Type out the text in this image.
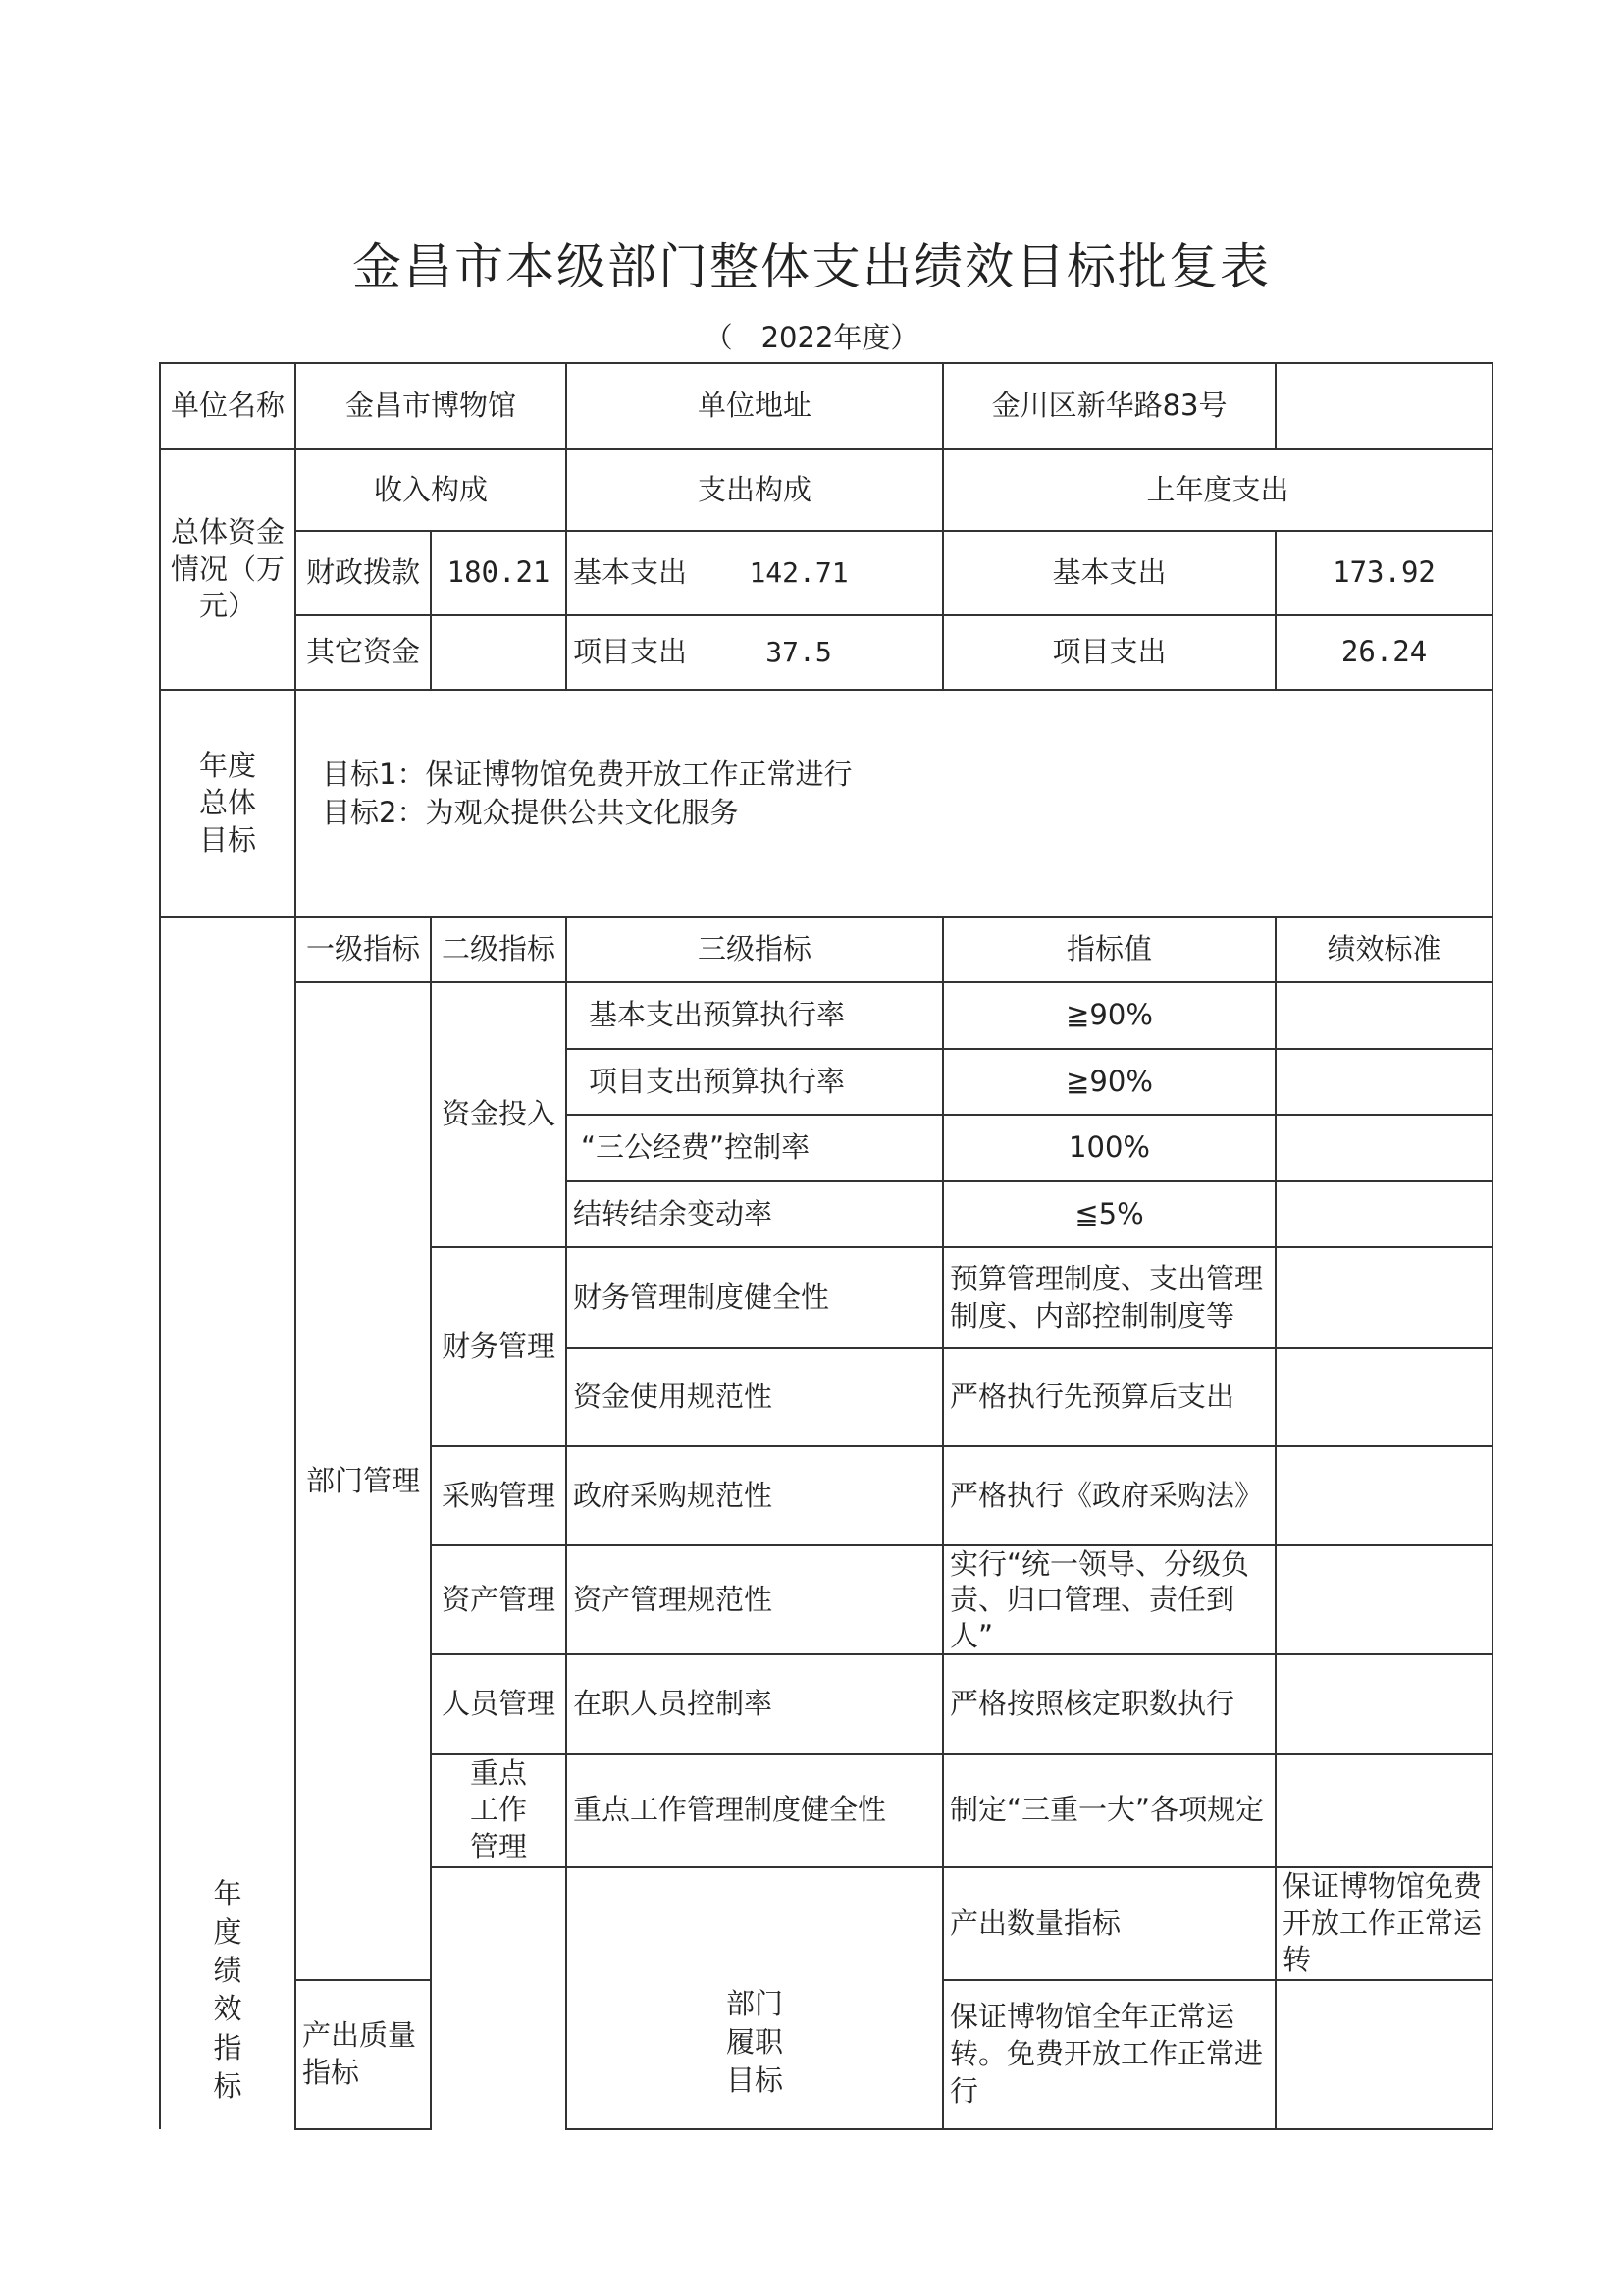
金昌市本级部门整体支出绩效目标批复表
（　2022年度）
单位名称	金昌市博物馆		单位地址	金川区新华路83号		
总体资金情况（万元）	收入构成		支出构成	上年度支出		
	财政拨款	180.21	基本支出 142.71	基本支出	173.92	
	其它资金		项目支出 37.5	项目支出	26.24	

年度总体目标	目标1：保证博物馆免费开放工作正常进行
目标2：为观众提供公共文化服务					

年度绩效指标	一级指标	二级指标	三级指标	指标值	绩效标准	
	部门管理	资金投入	基本支出预算执行率	≧90%		
			项目支出预算执行率	≧90%		
			“三公经费”控制率	100%		
			结转结余变动率	≦5%		
		财务管理	财务管理制度健全性	预算管理制度、支出管理制度、内部控制制度等		
			资金使用规范性	严格执行先预算后支出		
		采购管理	政府采购规范性	严格执行《政府采购法》		
		资产管理	资产管理规范性	实行“统一领导、分级负责、归口管理、责任到人”		
		人员管理	在职人员控制率	严格按照核定职数执行		

		重点工作管理	重点工作管理制度健全性	制定“三重一大”各项规定		

			部门履职目标	产出数量指标	保证博物馆免费开放工作正常运转	
	产出质量指标			保证博物馆全年正常运转。免费开放工作正常进行		
